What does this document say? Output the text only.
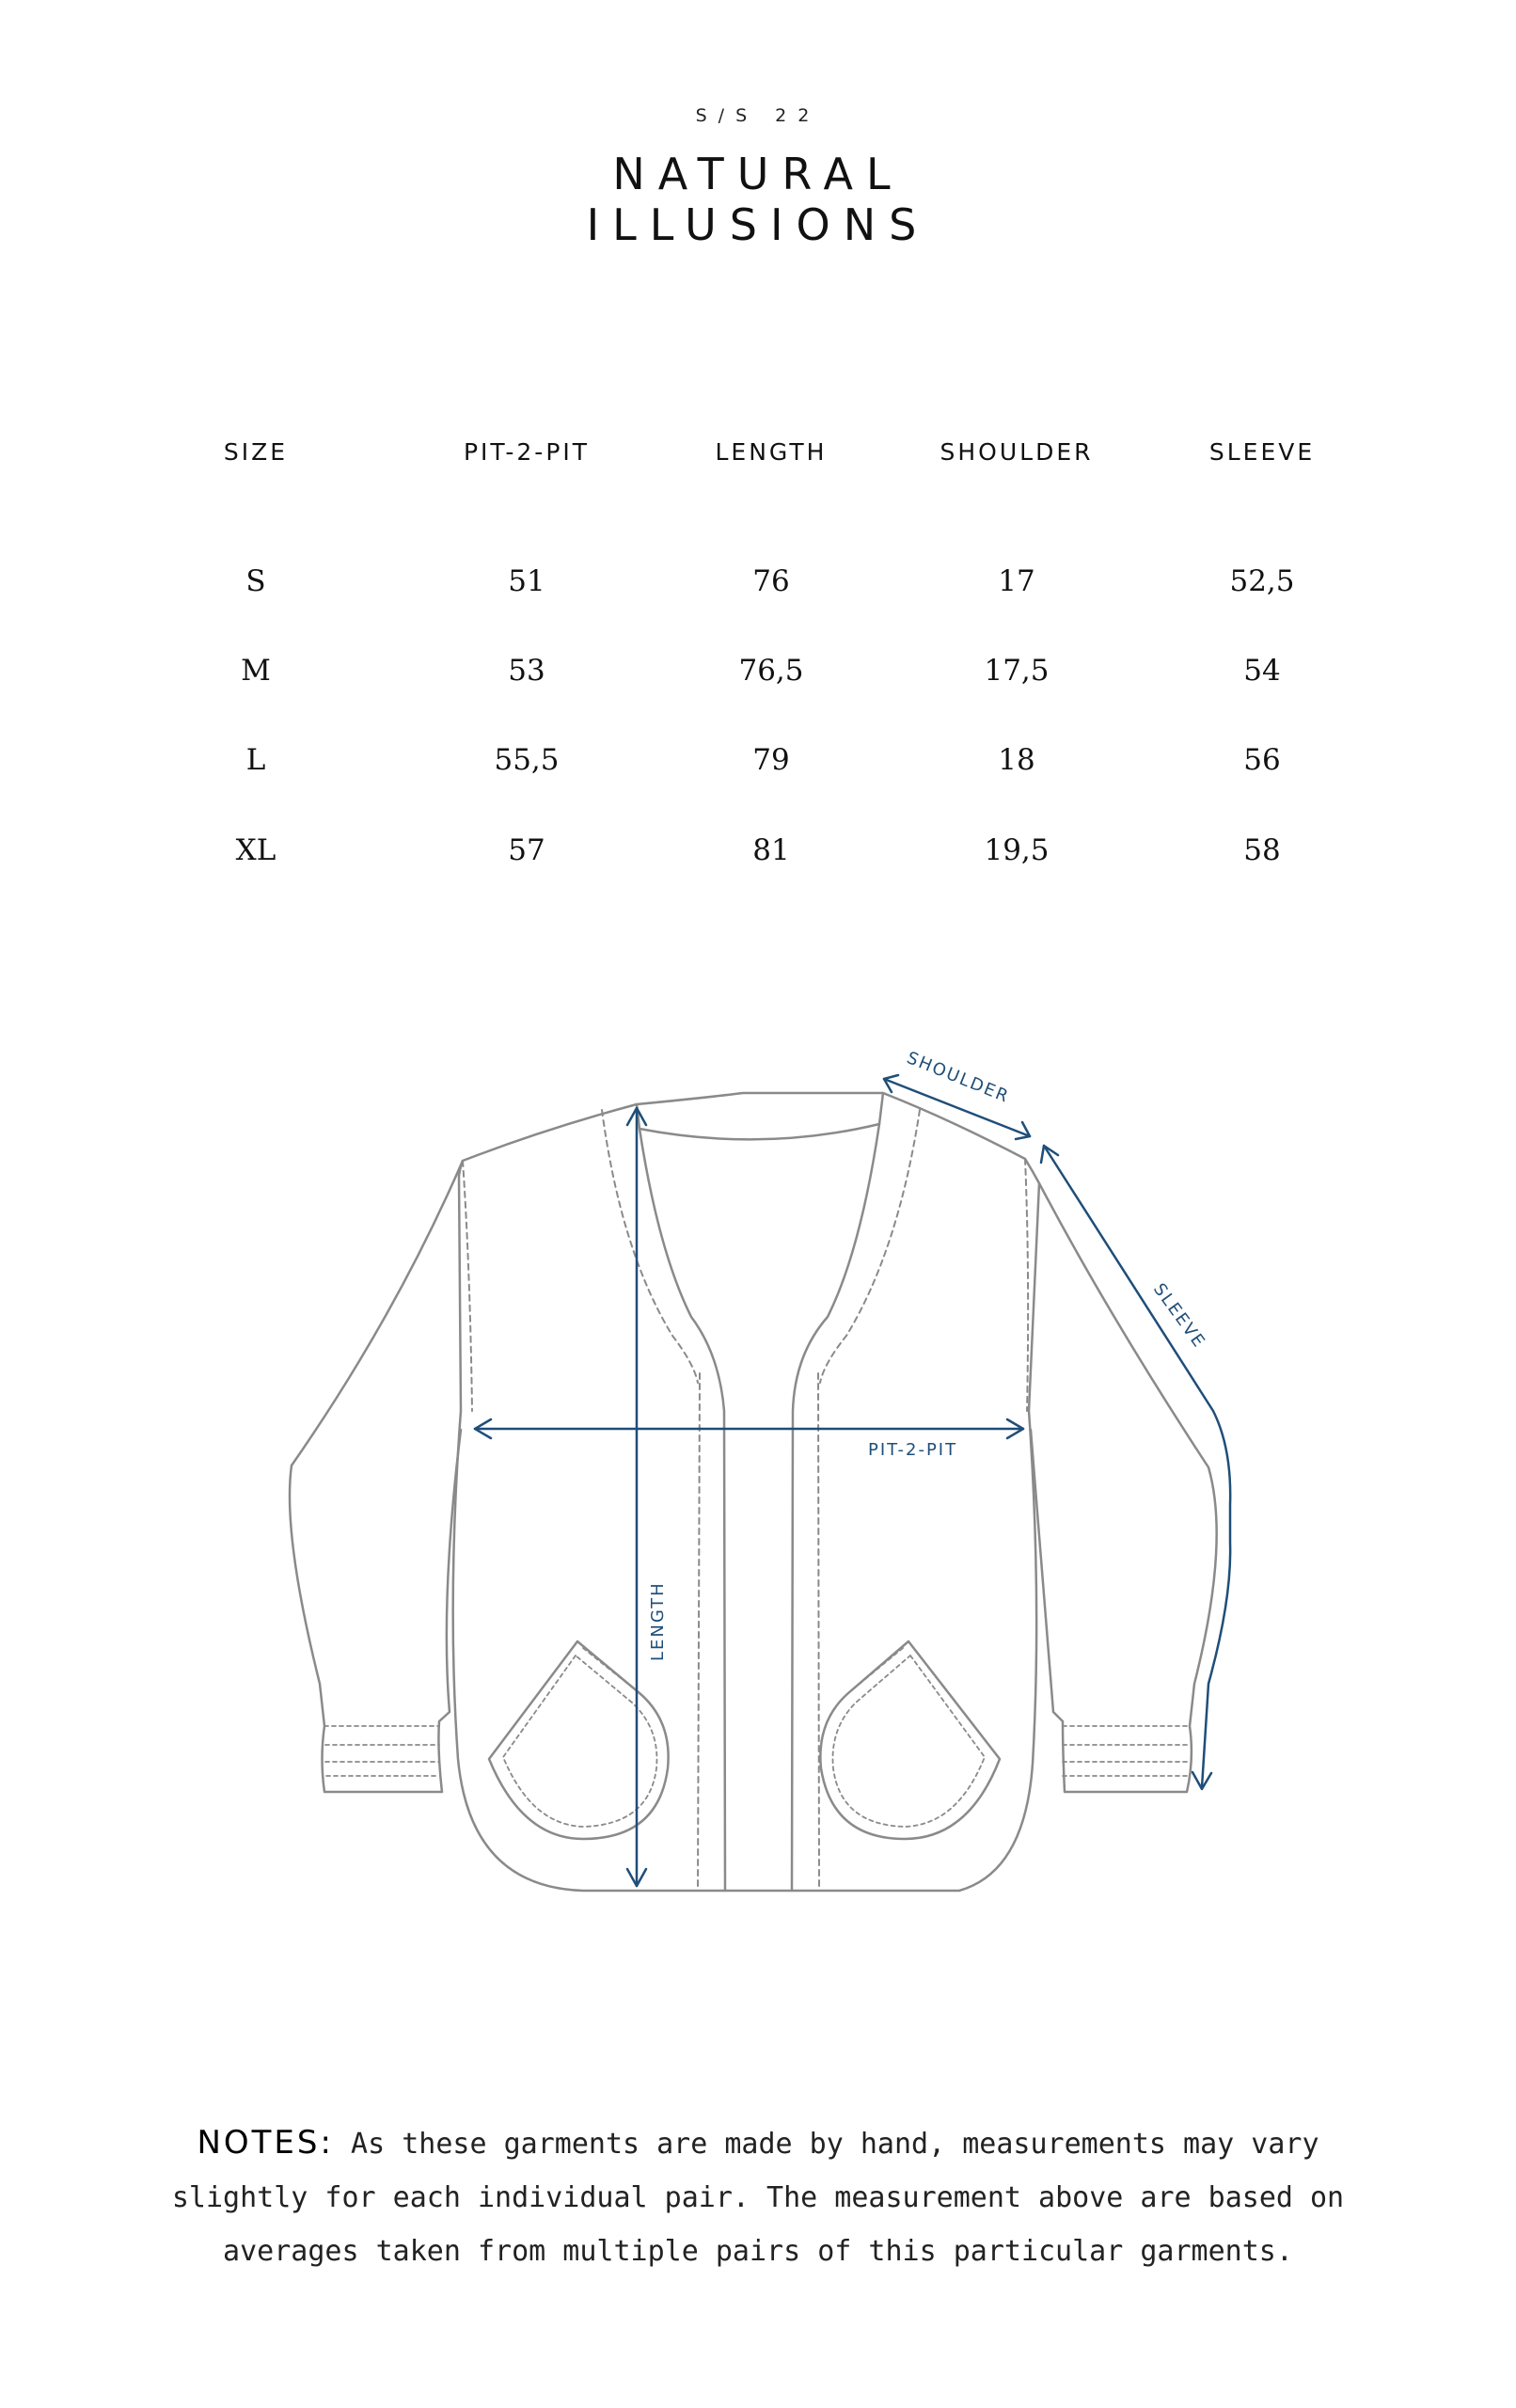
S/S 22
NATURAL
ILLUSIONS
SIZE	PIT-2-PIT	LENGTH	SHOULDER	SLEEVE
S	51	76	17	52,5
M	53	76,5	17,5	54
L	55,5	79	18	56
XL	57	81	19,5	58
SHOULDER
SLEEVE
PIT-2-PIT
LENGTH
NOTES: As these garments are made by hand, measurements may vary slightly for each individual pair. The measurement above are based on averages taken from multiple pairs of this particular garments.
